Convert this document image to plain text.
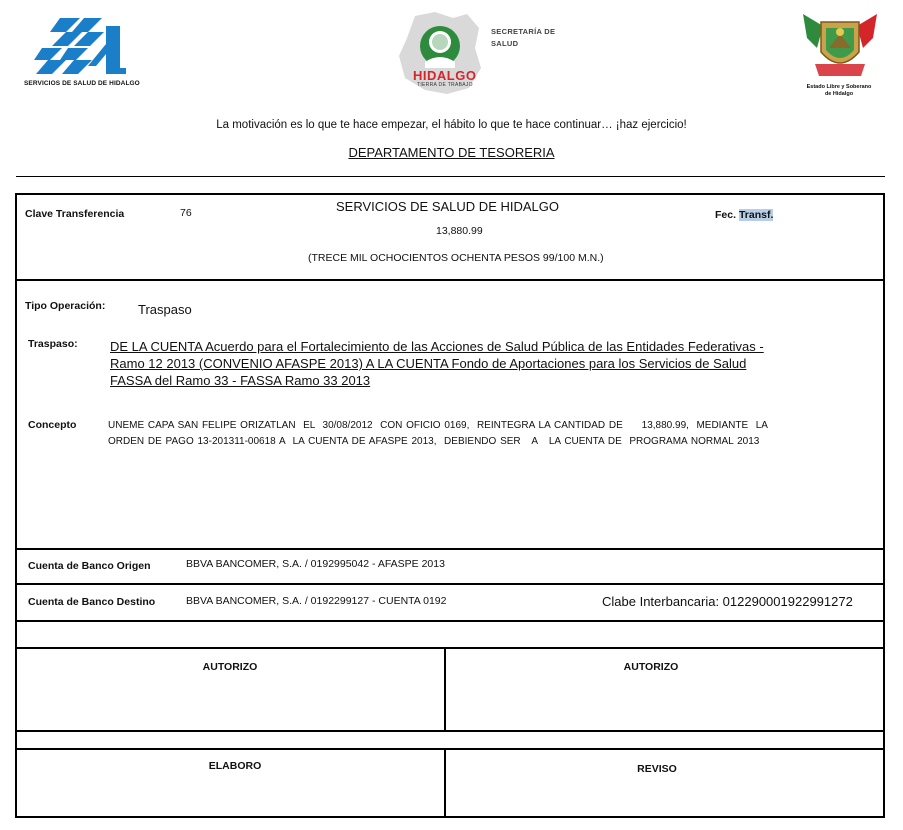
SERVICIOS DE SALUD DE HIDALGO
HIDALGO
TIERRA DE TRABAJO
SECRETARÍA DE
SALUD
Estado Libre y Soberano
de Hidalgo
La motivación es lo que te hace empezar, el hábito lo que te hace continuar… ¡haz ejercicio!
DEPARTAMENTO DE TESORERIA
Clave Transferencia	76	SERVICIOS DE SALUD DE HIDALGO
13,880.99
(TRECE MIL OCHOCIENTOS OCHENTA PESOS 99/100 M.N.)
Fec. Transf.
Tipo Operación:	Traspaso
Traspaso: DE LA CUENTA Acuerdo para el Fortalecimiento de las Acciones de Salud Pública de las Entidades Federativas -
Ramo 12 2013 (CONVENIO AFASPE 2013) A LA CUENTA Fondo de Aportaciones para los Servicios de Salud
FASSA del Ramo 33 - FASSA Ramo 33 2013
Concepto	UNEME CAPA SAN FELIPE ORIZATLAN  EL  30/08/2012  CON OFICIO 0169,  REINTEGRA LA CANTIDAD DE     13,880.99,  MEDIANTE  LA
ORDEN DE PAGO 13-201311-00618 A  LA CUENTA DE AFASPE 2013,  DEBIENDO SER   A   LA CUENTA DE  PROGRAMA NORMAL 2013
Cuenta de Banco Origen	BBVA BANCOMER, S.A. / 0192995042 - AFASPE 2013
Cuenta de Banco Destino	BBVA BANCOMER, S.A. / 0192299127 - CUENTA 0192	Clabe Interbancaria: 012290001922991272
AUTORIZO	AUTORIZO
ELABORO	REVISO
